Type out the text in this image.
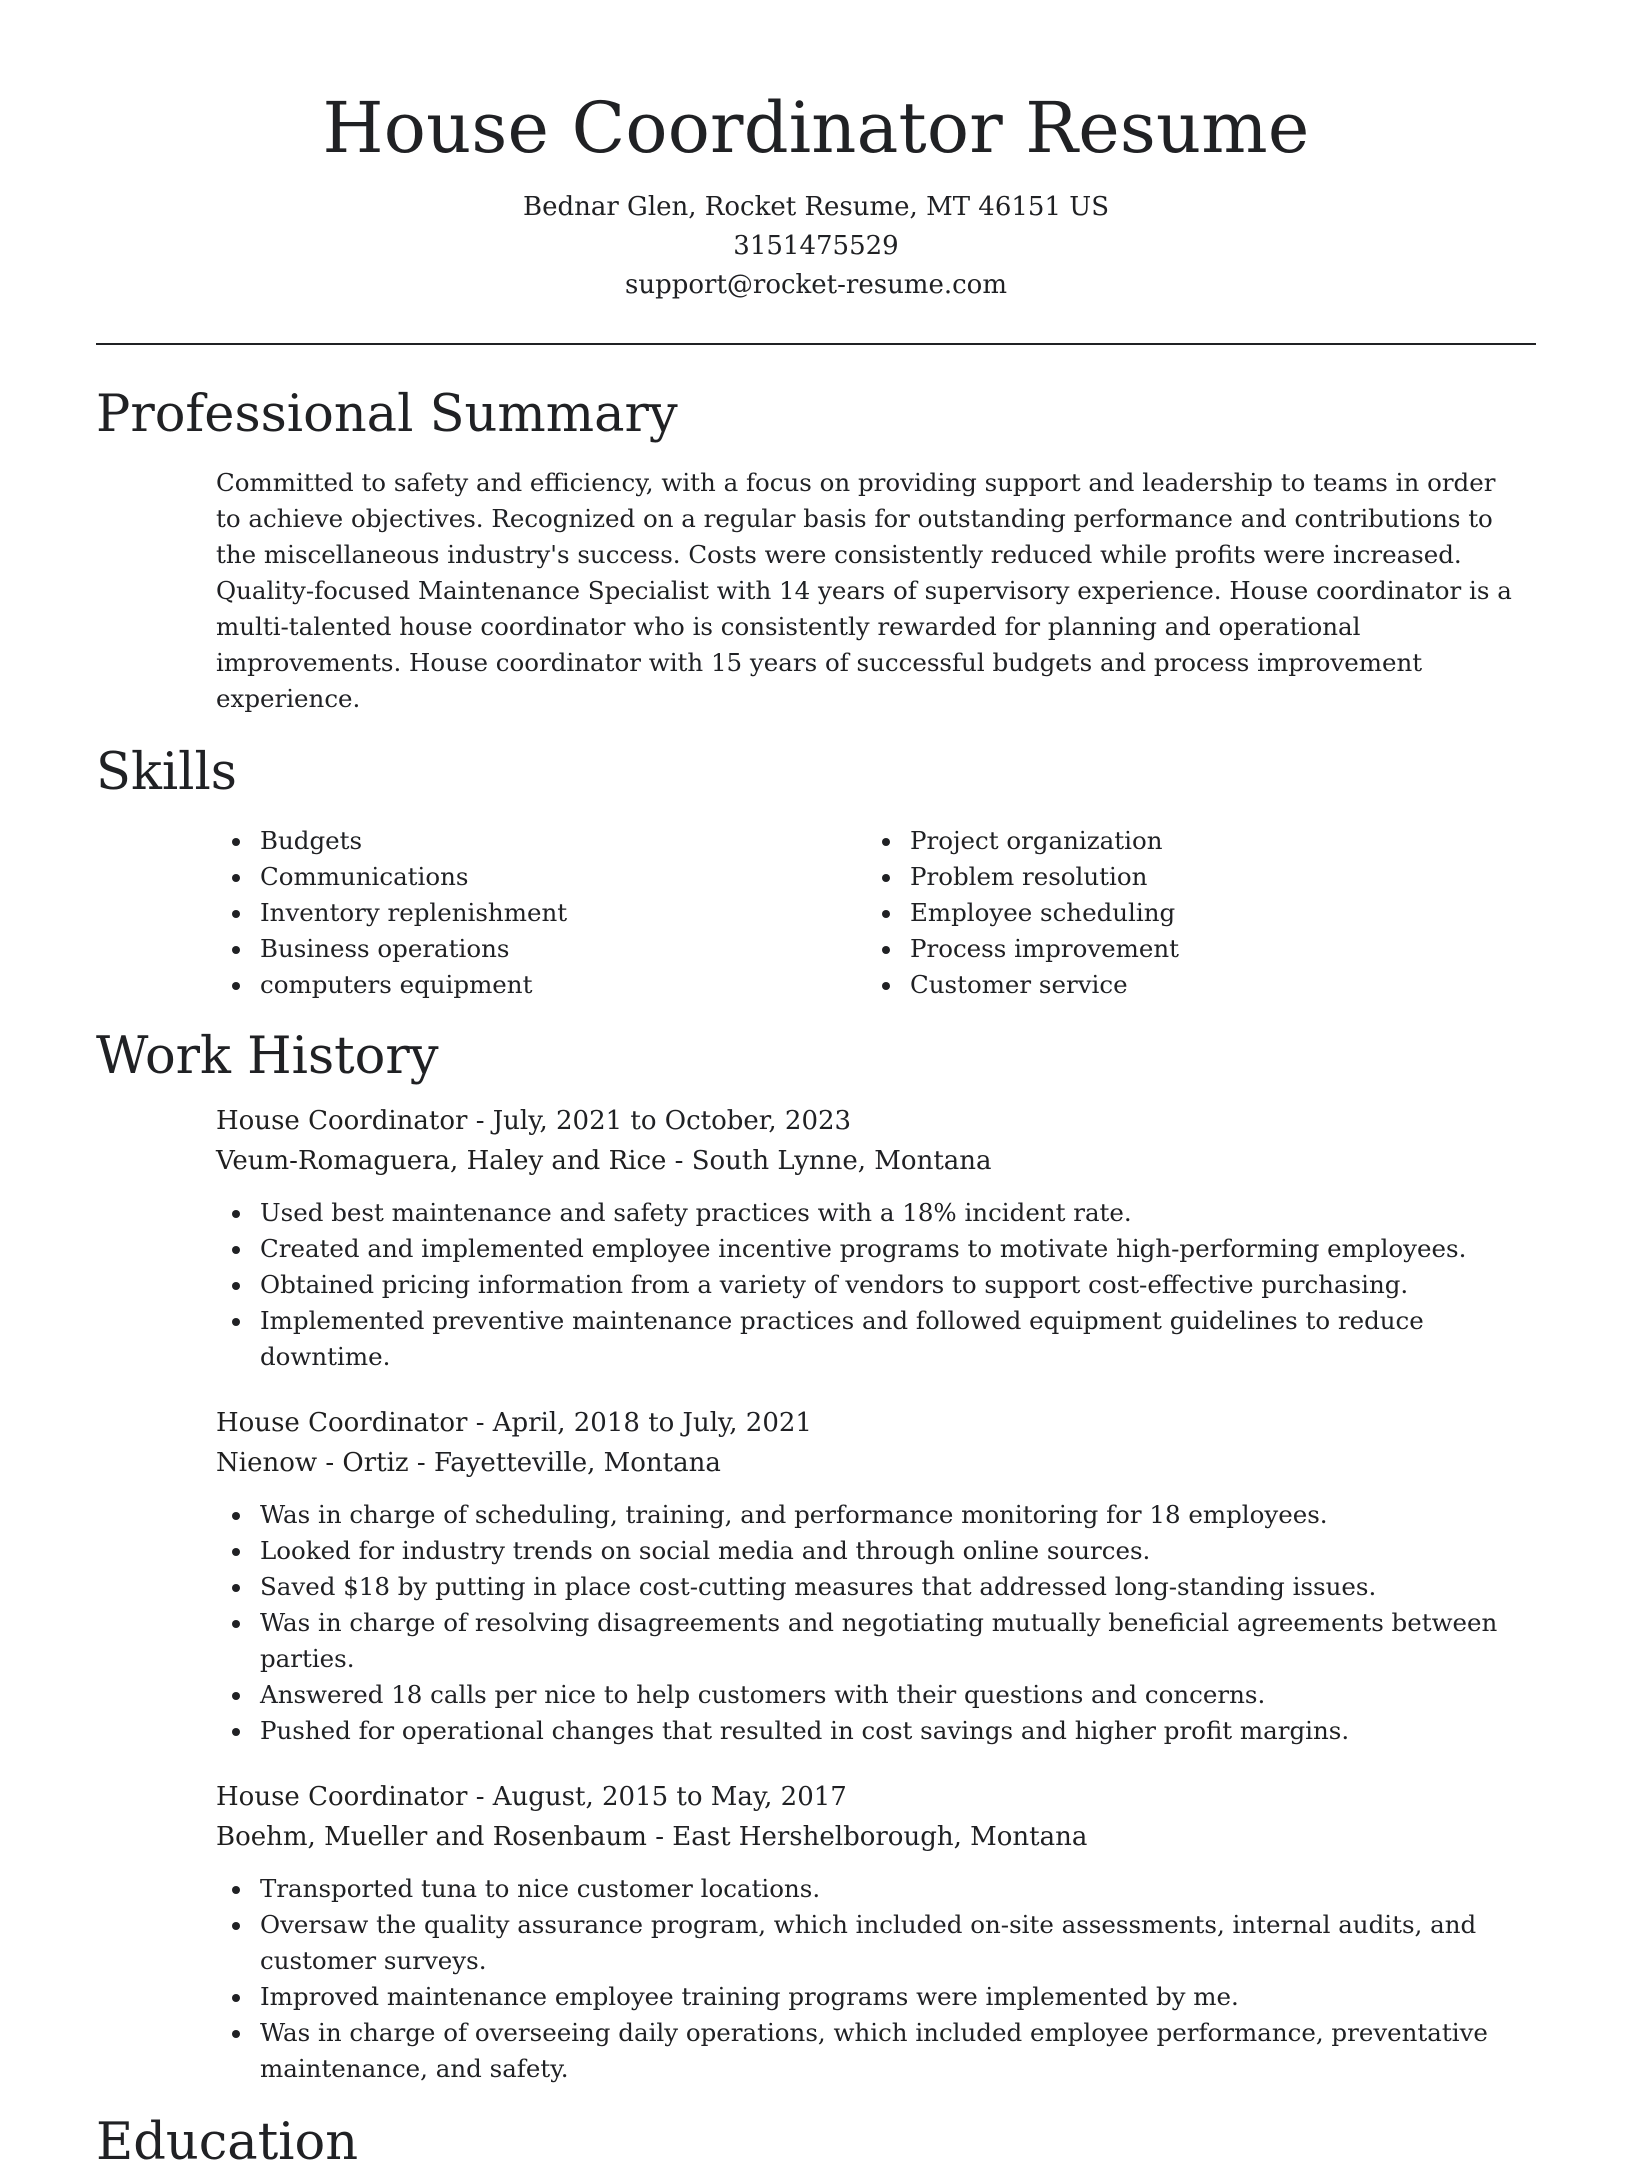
House Coordinator Resume

Bednar Glen, Rocket Resume, MT 46151 US

3151475529

support@rocket-resume.com

Professional Summary

Committed to safety and efficiency, with a focus on providing support and leadership to teams in order to achieve objectives. Recognized on a regular basis for outstanding performance and contributions to the miscellaneous industry's success. Costs were consistently reduced while profits were increased. Quality-focused Maintenance Specialist with 14 years of supervisory experience. House coordinator is a multi-talented house coordinator who is consistently rewarded for planning and operational improvements. House coordinator with 15 years of successful budgets and process improvement experience.

Skills
Budgets
Communications
Inventory replenishment
Business operations
computers equipment
Project organization
Problem resolution
Employee scheduling
Process improvement
Customer service
Work History

House Coordinator - July, 2021 to October, 2023

Veum-Romaguera, Haley and Rice - South Lynne, Montana

Used best maintenance and safety practices with a 18% incident rate.
Created and implemented employee incentive programs to motivate high-performing employees.
Obtained pricing information from a variety of vendors to support cost-effective purchasing.
Implemented preventive maintenance practices and followed equipment guidelines to reduce downtime.

House Coordinator - April, 2018 to July, 2021

Nienow - Ortiz - Fayetteville, Montana

Was in charge of scheduling, training, and performance monitoring for 18 employees.
Looked for industry trends on social media and through online sources.
Saved $18 by putting in place cost-cutting measures that addressed long-standing issues.
Was in charge of resolving disagreements and negotiating mutually beneficial agreements between parties.
Answered 18 calls per nice to help customers with their questions and concerns.
Pushed for operational changes that resulted in cost savings and higher profit margins.

House Coordinator - August, 2015 to May, 2017

Boehm, Mueller and Rosenbaum - East Hershelborough, Montana

Transported tuna to nice customer locations.
Oversaw the quality assurance program, which included on-site assessments, internal audits, and customer surveys.
Improved maintenance employee training programs were implemented by me.
Was in charge of overseeing daily operations, which included employee performance, preventative maintenance, and safety.
Education
